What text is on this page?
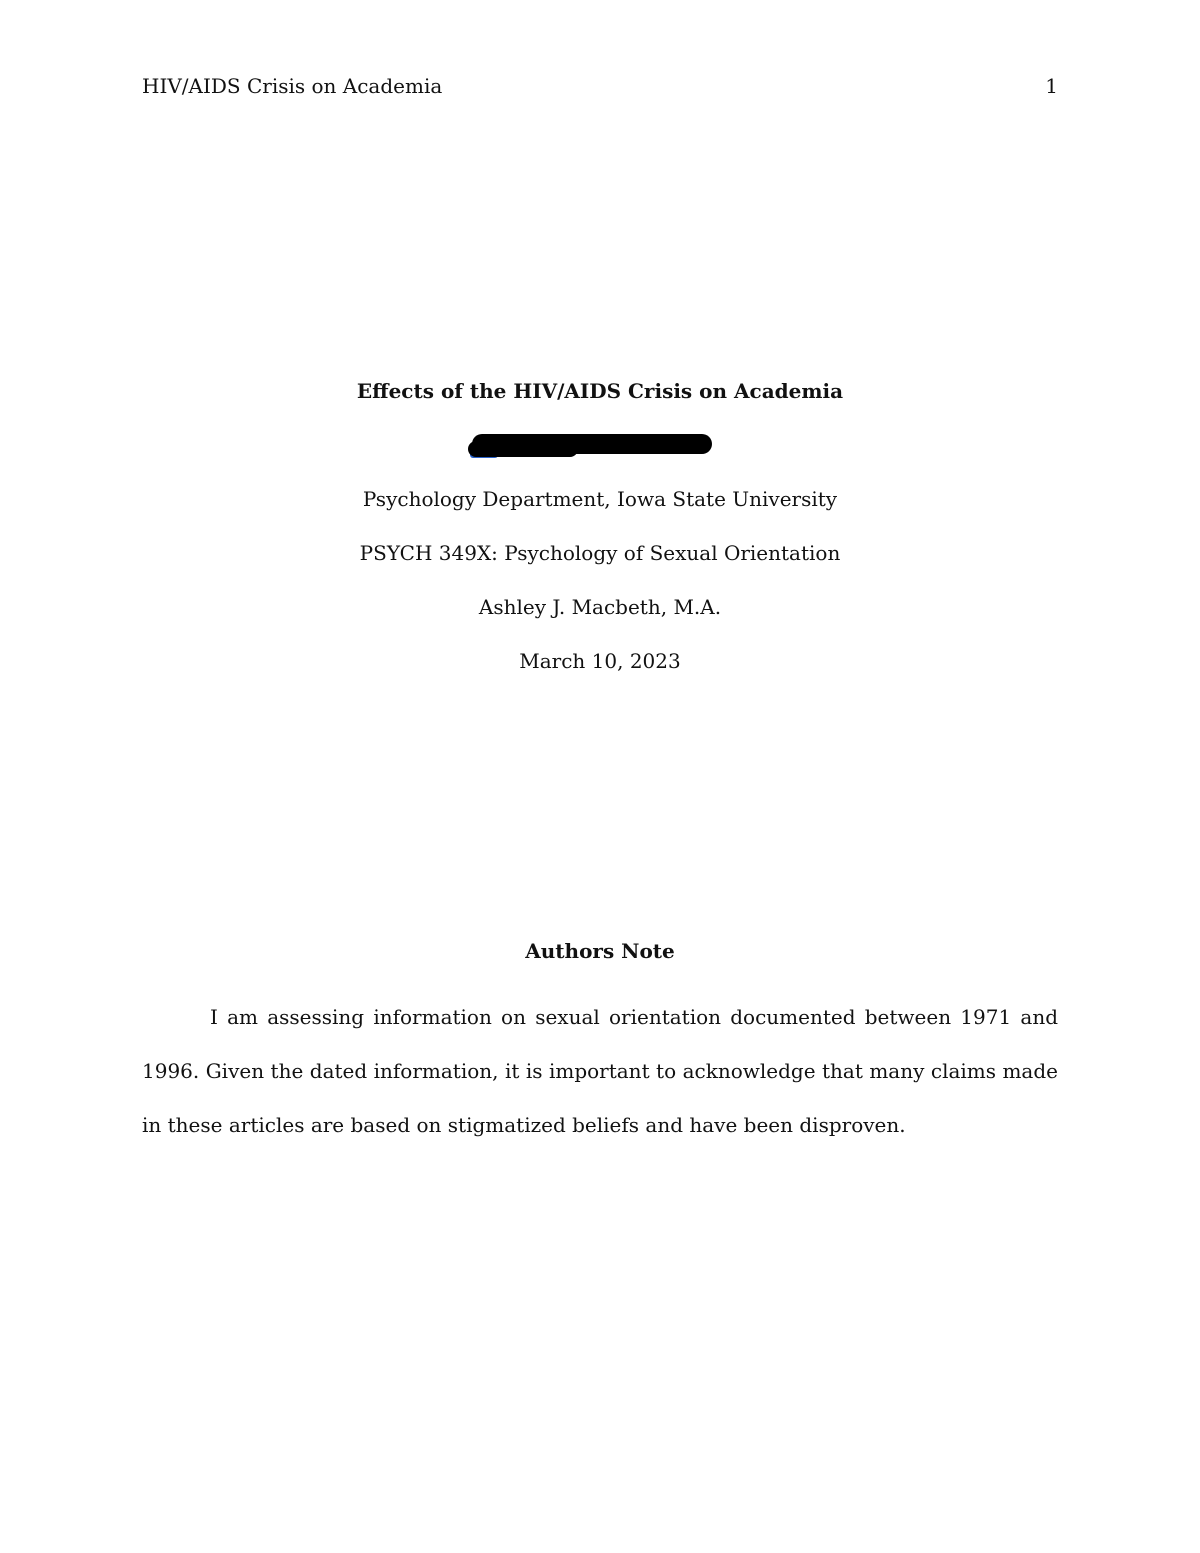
HIV/AIDS Crisis on Academia	1
Effects of the HIV/AIDS Crisis on Academia
Psychology Department, Iowa State University
PSYCH 349X: Psychology of Sexual Orientation
Ashley J. Macbeth, M.A.
March 10, 2023
Authors Note

I am assessing information on sexual orientation documented between 1971 and 1996. Given the dated information, it is important to acknowledge that many claims made in these articles are based on stigmatized beliefs and have been disproven.
